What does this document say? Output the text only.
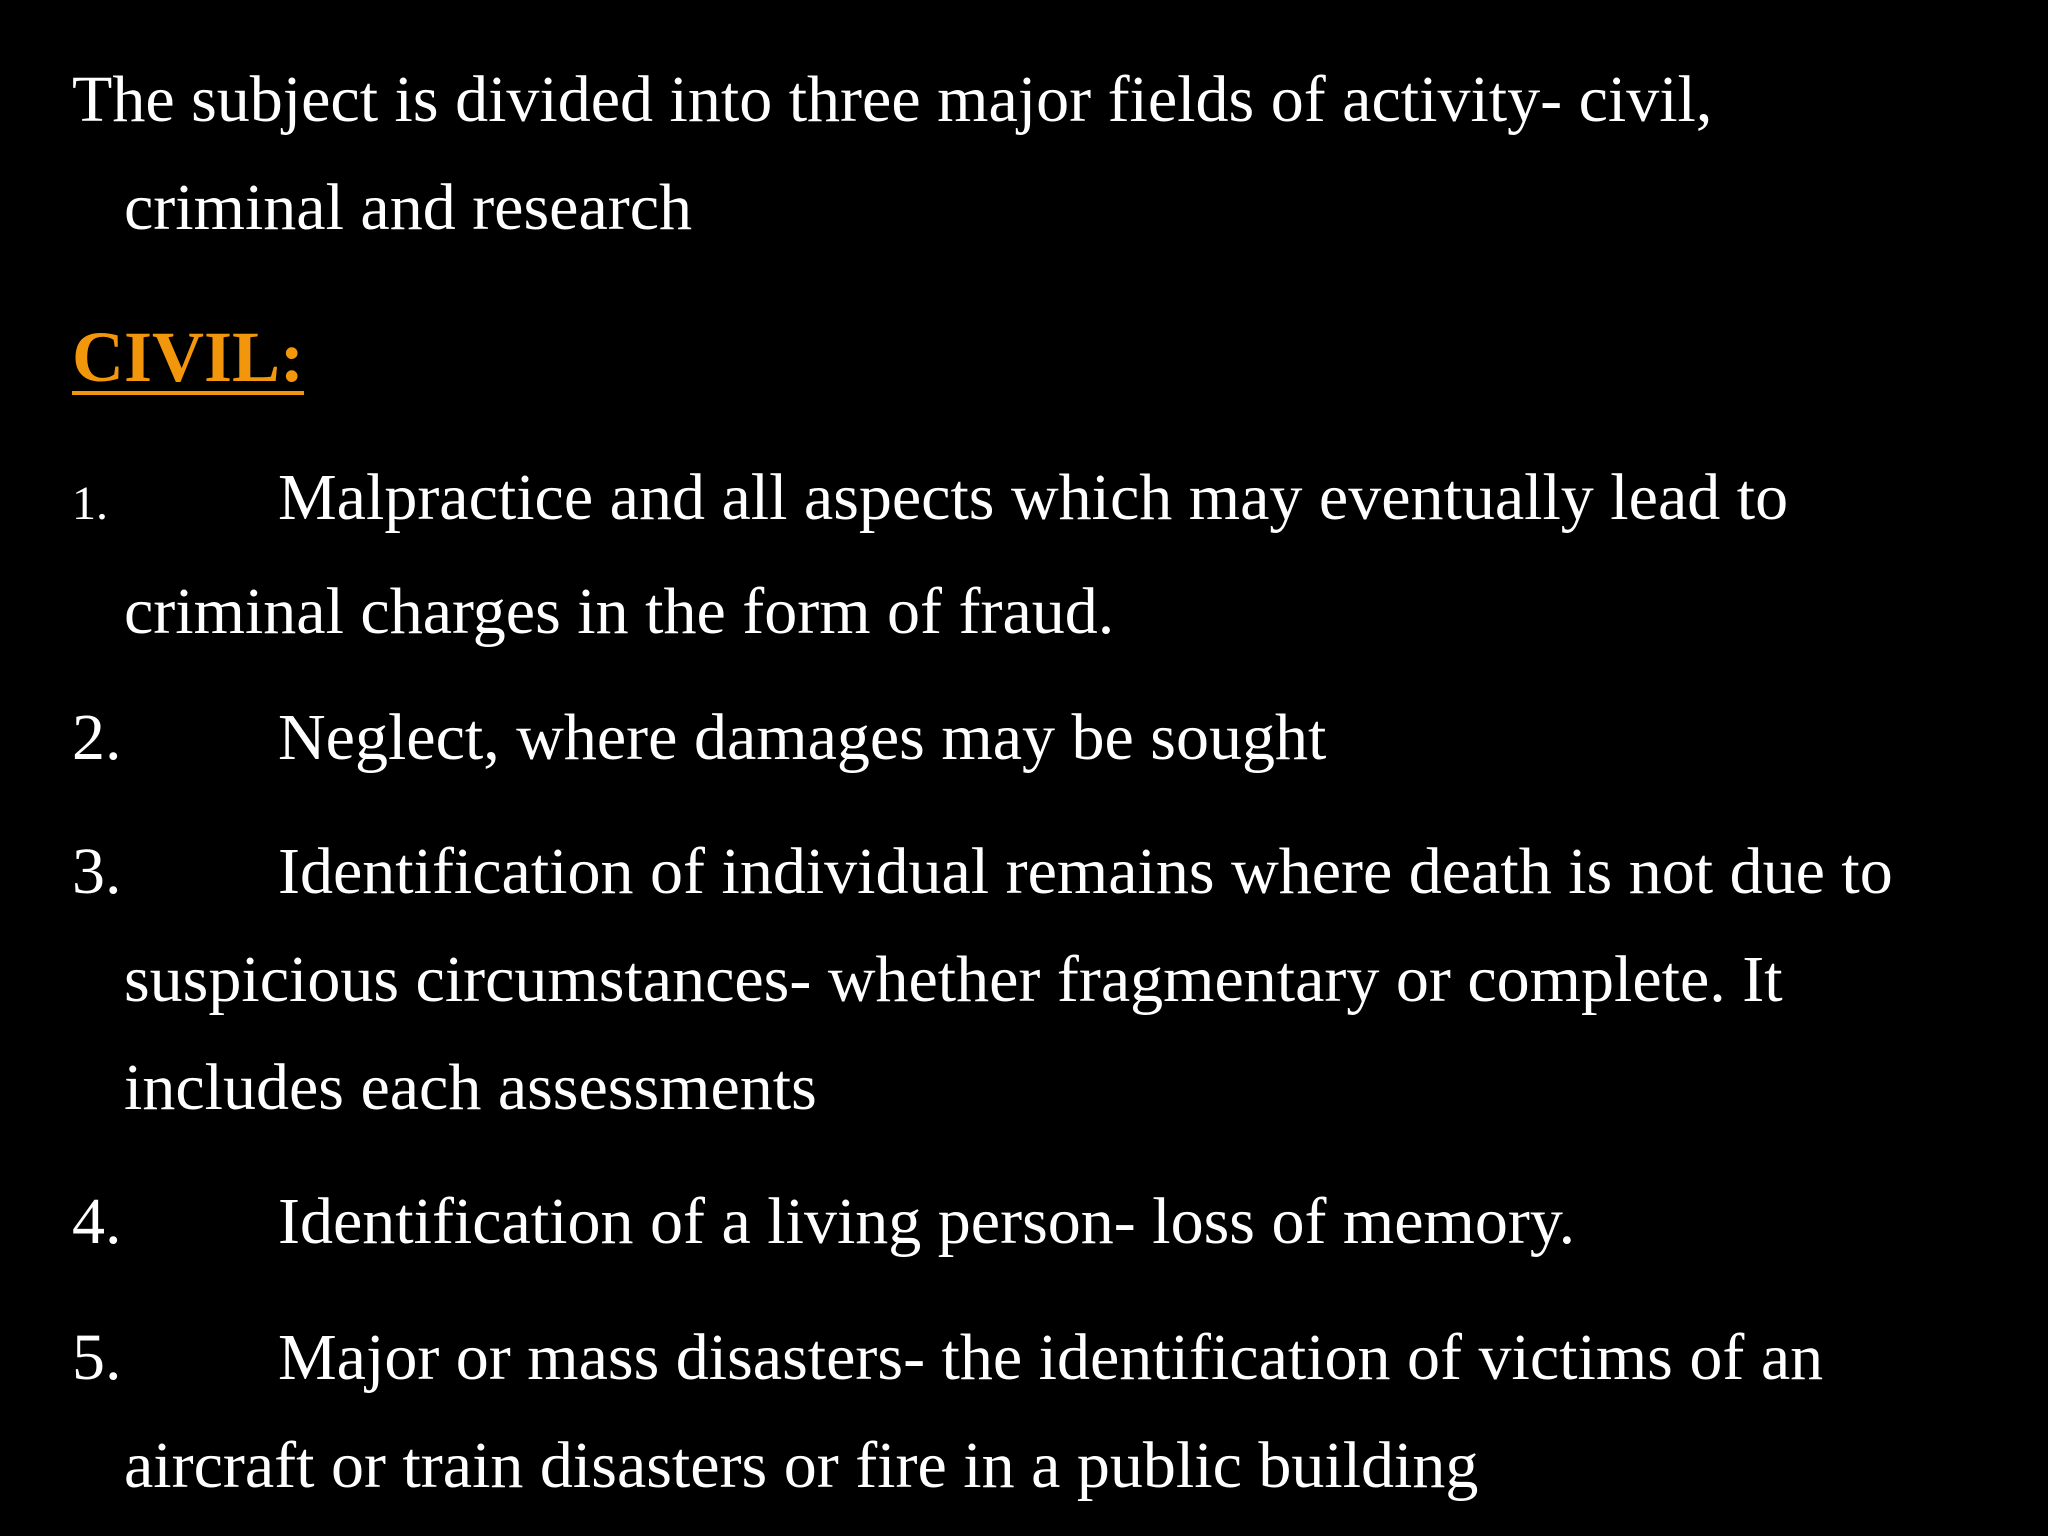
The subject is divided into three major fields of activity- civil,
criminal and research
CIVIL:
1.	Malpractice and all aspects which may eventually lead to
criminal charges in the form of fraud.
2. Neglect, where damages may be sought
3. Identification of individual remains where death is not due to
suspicious circumstances- whether fragmentary or complete. It
includes each assessments
4. Identification of a living person- loss of memory.
5. Major or mass disasters- the identification of victims of an
aircraft or train disasters or fire in a public building
